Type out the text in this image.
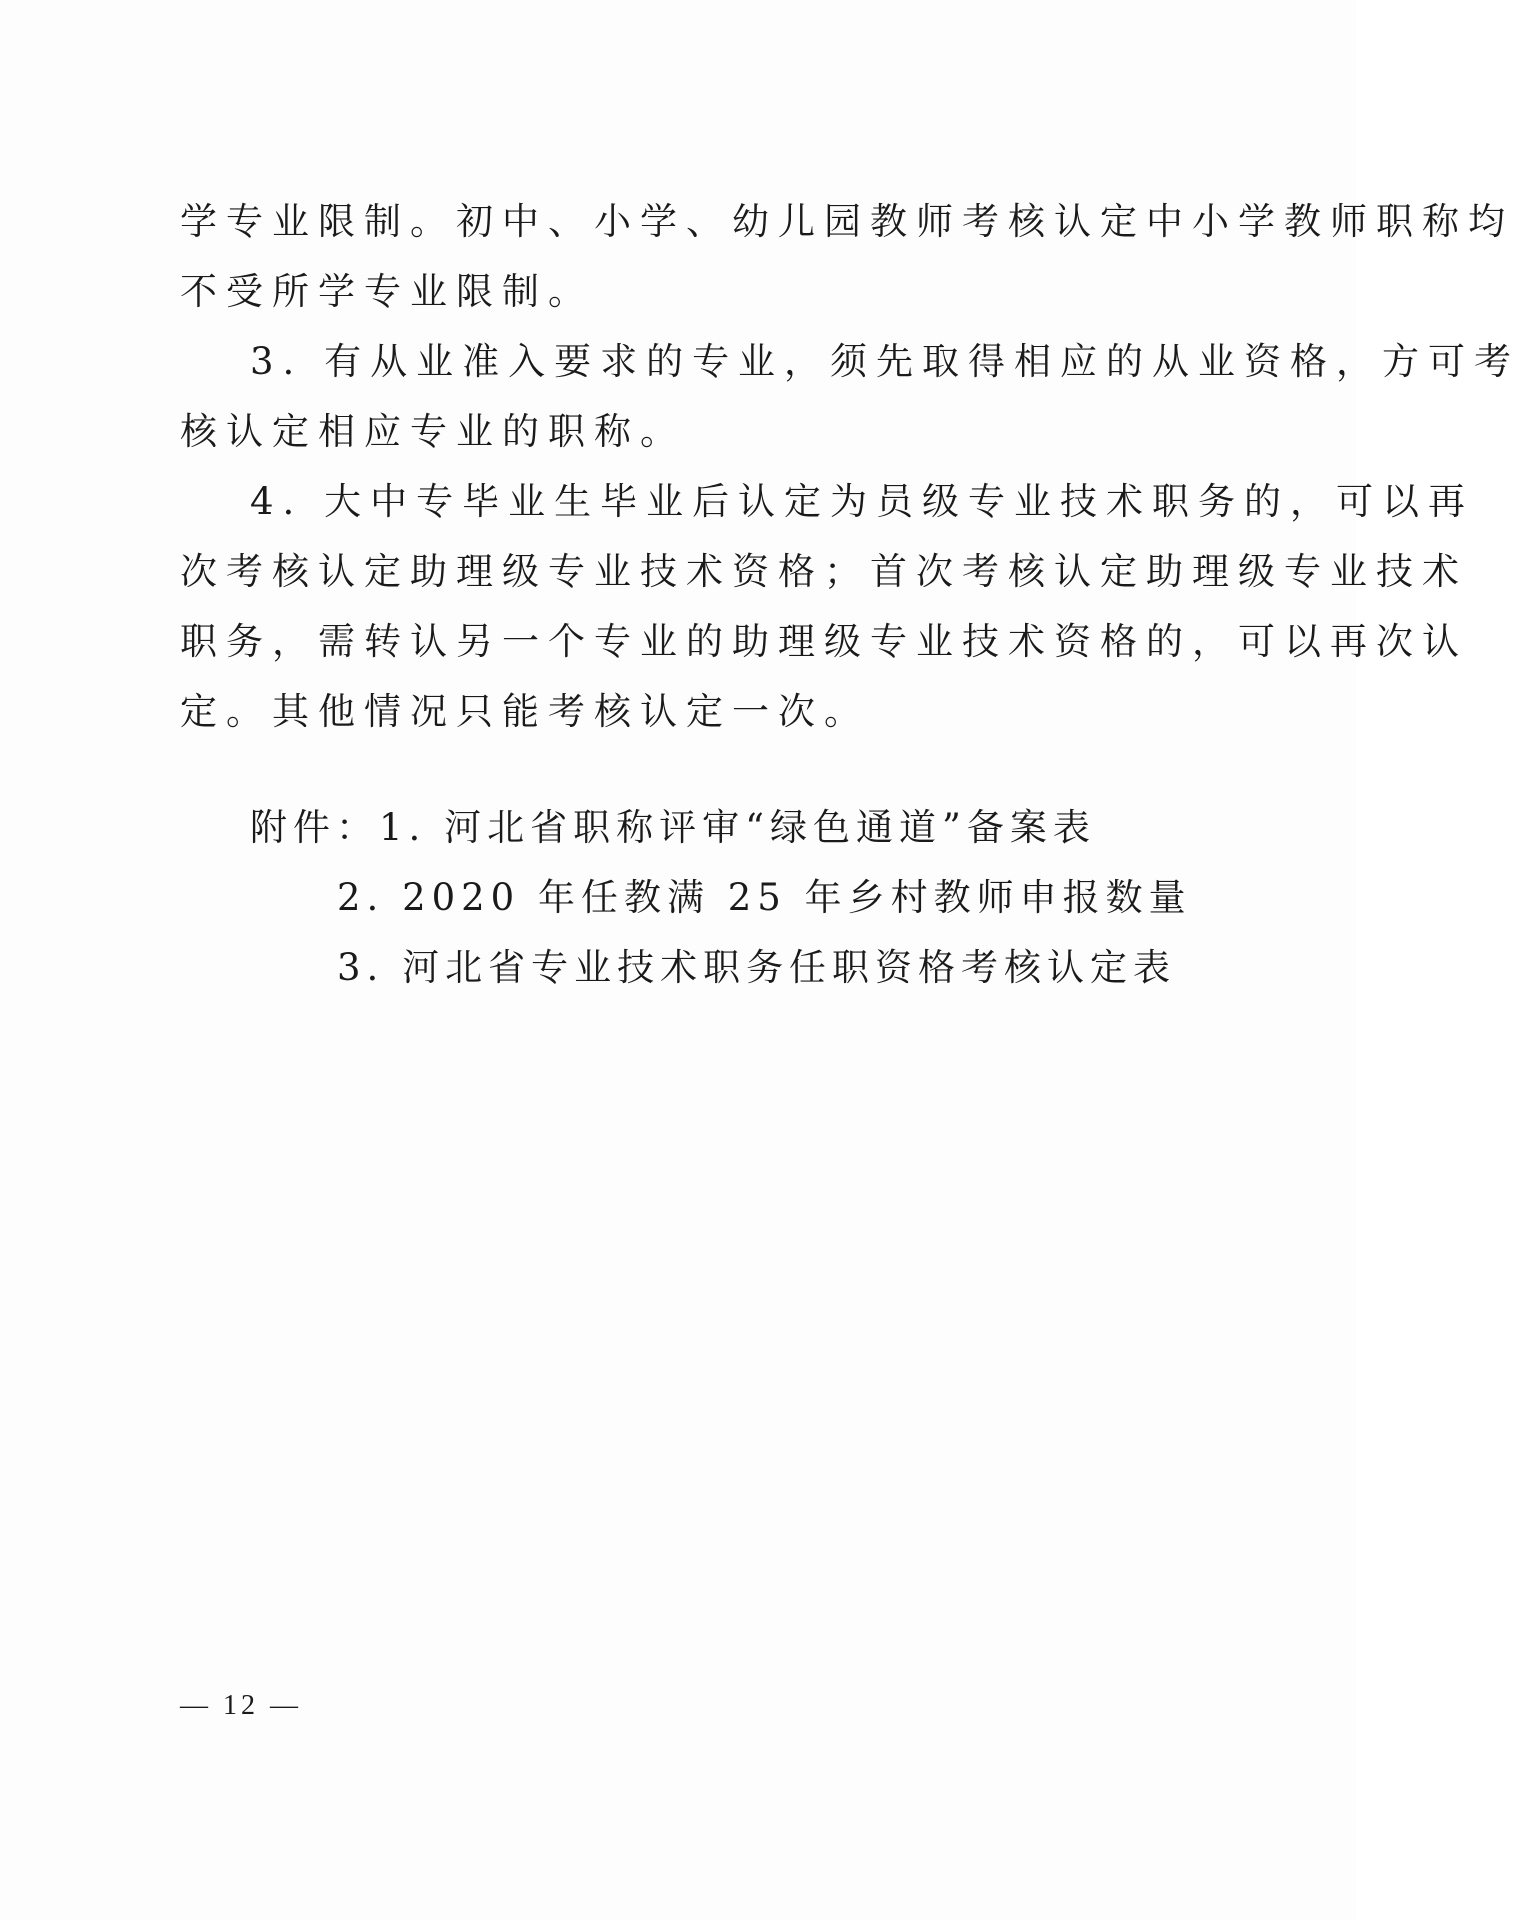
学专业限制。初中、小学、幼儿园教师考核认定中小学教师职称均
不受所学专业限制。
3. 有从业准入要求的专业，须先取得相应的从业资格，方可考
核认定相应专业的职称。
4. 大中专毕业生毕业后认定为员级专业技术职务的，可以再
次考核认定助理级专业技术资格；首次考核认定助理级专业技术
职务，需转认另一个专业的助理级专业技术资格的，可以再次认
定。其他情况只能考核认定一次。
附件：1. 河北省职称评审“绿色通道”备案表
2. 2020 年任教满 25 年乡村教师申报数量
3. 河北省专业技术职务任职资格考核认定表
— 12 —
